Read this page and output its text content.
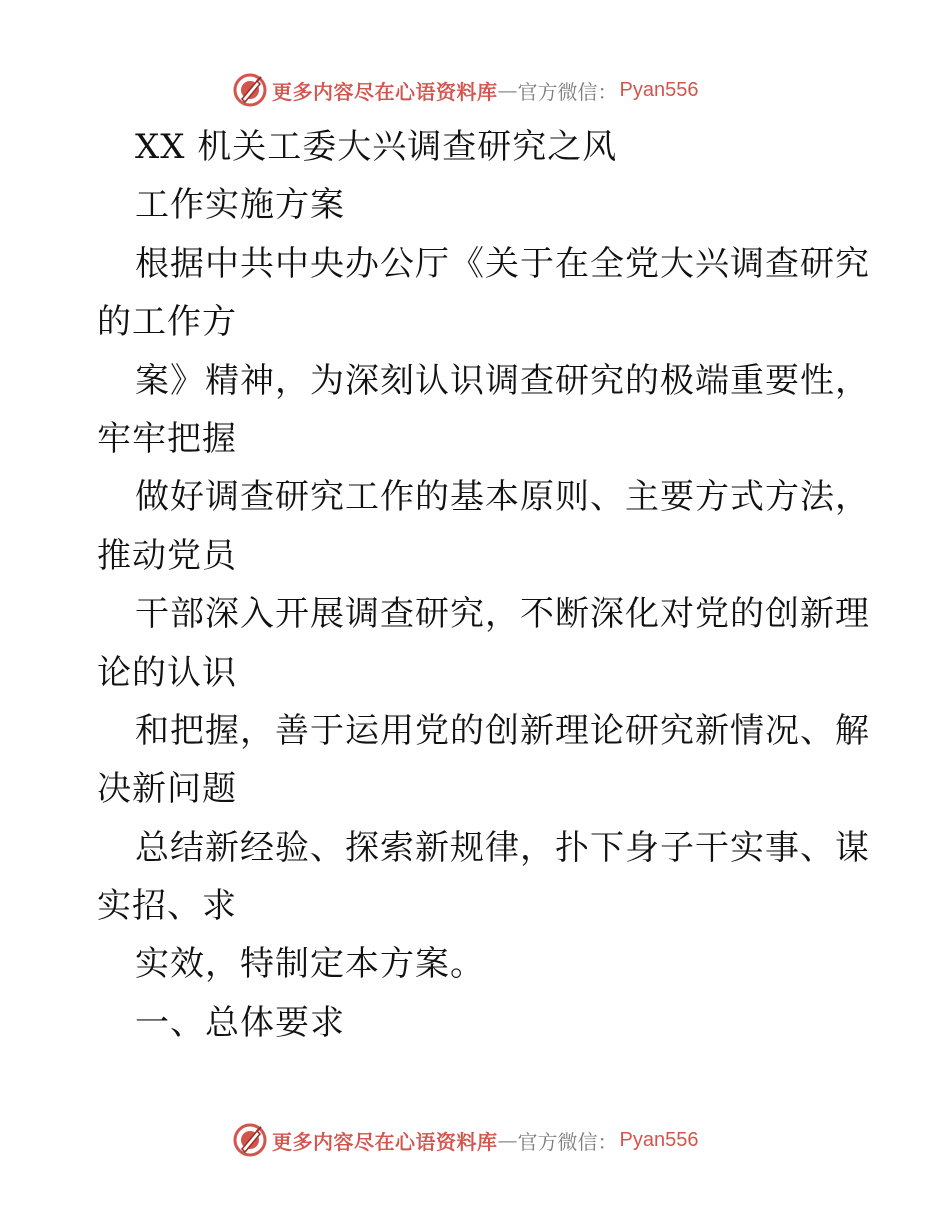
更多内容尽在心语资料库 — 官方微信： Pyan556
XX 机关工委大兴调查研究之风
工作实施方案
根据中共中央办公厅《关于在全党大兴调查研究
的工作方
案》精神，为深刻认识调查研究的极端重要性，
牢牢把握
做好调查研究工作的基本原则、主要方式方法，
推动党员
干部深入开展调查研究，不断深化对党的创新理
论的认识
和把握，善于运用党的创新理论研究新情况、解
决新问题
总结新经验、探索新规律，扑下身子干实事、谋
实招、求
实效，特制定本方案。
一、总体要求
更多内容尽在心语资料库 — 官方微信： Pyan556
